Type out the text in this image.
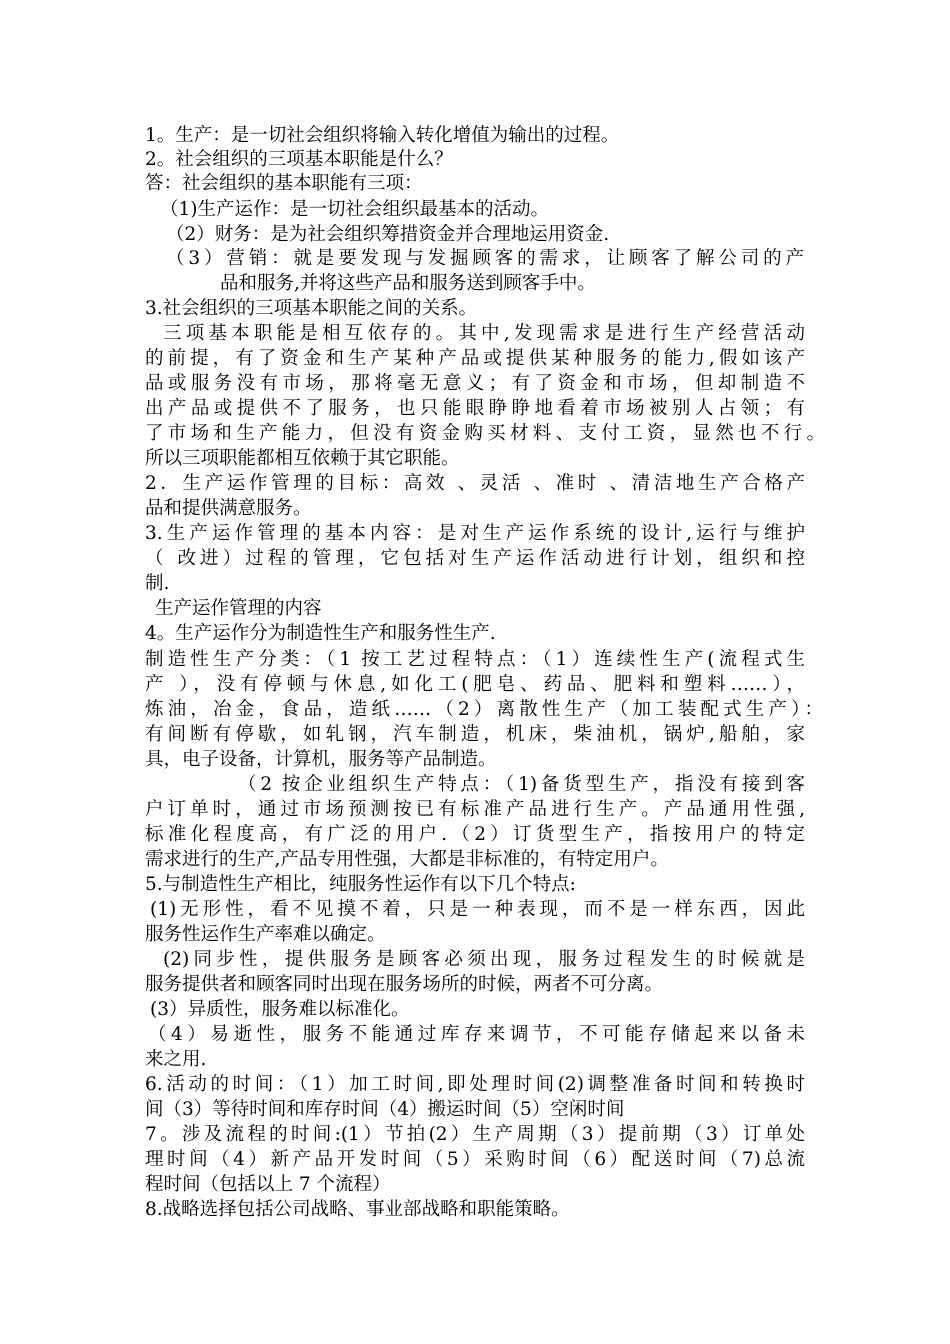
1。生产：是一切社会组织将输入转化增值为输出的过程。
2。社会组织的三项基本职能是什么？
答：社会组织的基本职能有三项：
（1)生产运作：是一切社会组织最基本的活动。
（2）财务：是为社会组织筹措资金并合理地运用资金.
（3）营销：就是要发现与发掘顾客的需求，让顾客了解公司的产
品和服务,并将这些产品和服务送到顾客手中。
3.社会组织的三项基本职能之间的关系。
三项基本职能是相互依存的。其中,发现需求是进行生产经营活动
的前提，有了资金和生产某种产品或提供某种服务的能力,假如该产
品或服务没有市场，那将毫无意义；有了资金和市场，但却制造不
出产品或提供不了服务，也只能眼睁睁地看着市场被别人占领；有
了市场和生产能力，但没有资金购买材料、支付工资，显然也不行。
所以三项职能都相互依赖于其它职能。
2．生产运作管理的目标：高效 、灵活 、准时 、清洁地生产合格产
品和提供满意服务。
3.生产运作管理的基本内容：是对生产运作系统的设计,运行与维护
（ 改进）过程的管理，它包括对生产运作活动进行计划，组织和控
制.
生产运作管理的内容
4。生产运作分为制造性生产和服务性生产.
制造性生产分类：（1 按工艺过程特点：（1）连续性生产(流程式生
产 ），没有停顿与休息,如化工(肥皂、药品、肥料和塑料……），
炼油，冶金，食品，造纸……（2）离散性生产（加工装配式生产）：
有间断有停歇，如轧钢，汽车制造，机床，柴油机，锅炉,船舶，家
具，电子设备，计算机，服务等产品制造。
（2 按企业组织生产特点：（1)备货型生产，指没有接到客
户订单时，通过市场预测按已有标准产品进行生产。产品通用性强,
标准化程度高，有广泛的用户.（2）订货型生产，指按用户的特定
需求进行的生产,产品专用性强，大都是非标准的，有特定用户。
5.与制造性生产相比，纯服务性运作有以下几个特点:
(1)无形性，看不见摸不着，只是一种表现，而不是一样东西，因此
服务性运作生产率难以确定。
(2)同步性，提供服务是顾客必须出现，服务过程发生的时候就是
服务提供者和顾客同时出现在服务场所的时候，两者不可分离。
(3）异质性，服务难以标准化。
（4）易逝性，服务不能通过库存来调节，不可能存储起来以备未
来之用.
6.活动的时间：（1）加工时间,即处理时间(2)调整准备时间和转换时
间（3）等待时间和库存时间（4）搬运时间（5）空闲时间
7。涉及流程的时间:(1）节拍(2）生产周期（3）提前期（3）订单处
理时间（4）新产品开发时间（5）采购时间（6）配送时间（7)总流
程时间（包括以上 7 个流程）
8.战略选择包括公司战略、事业部战略和职能策略。
